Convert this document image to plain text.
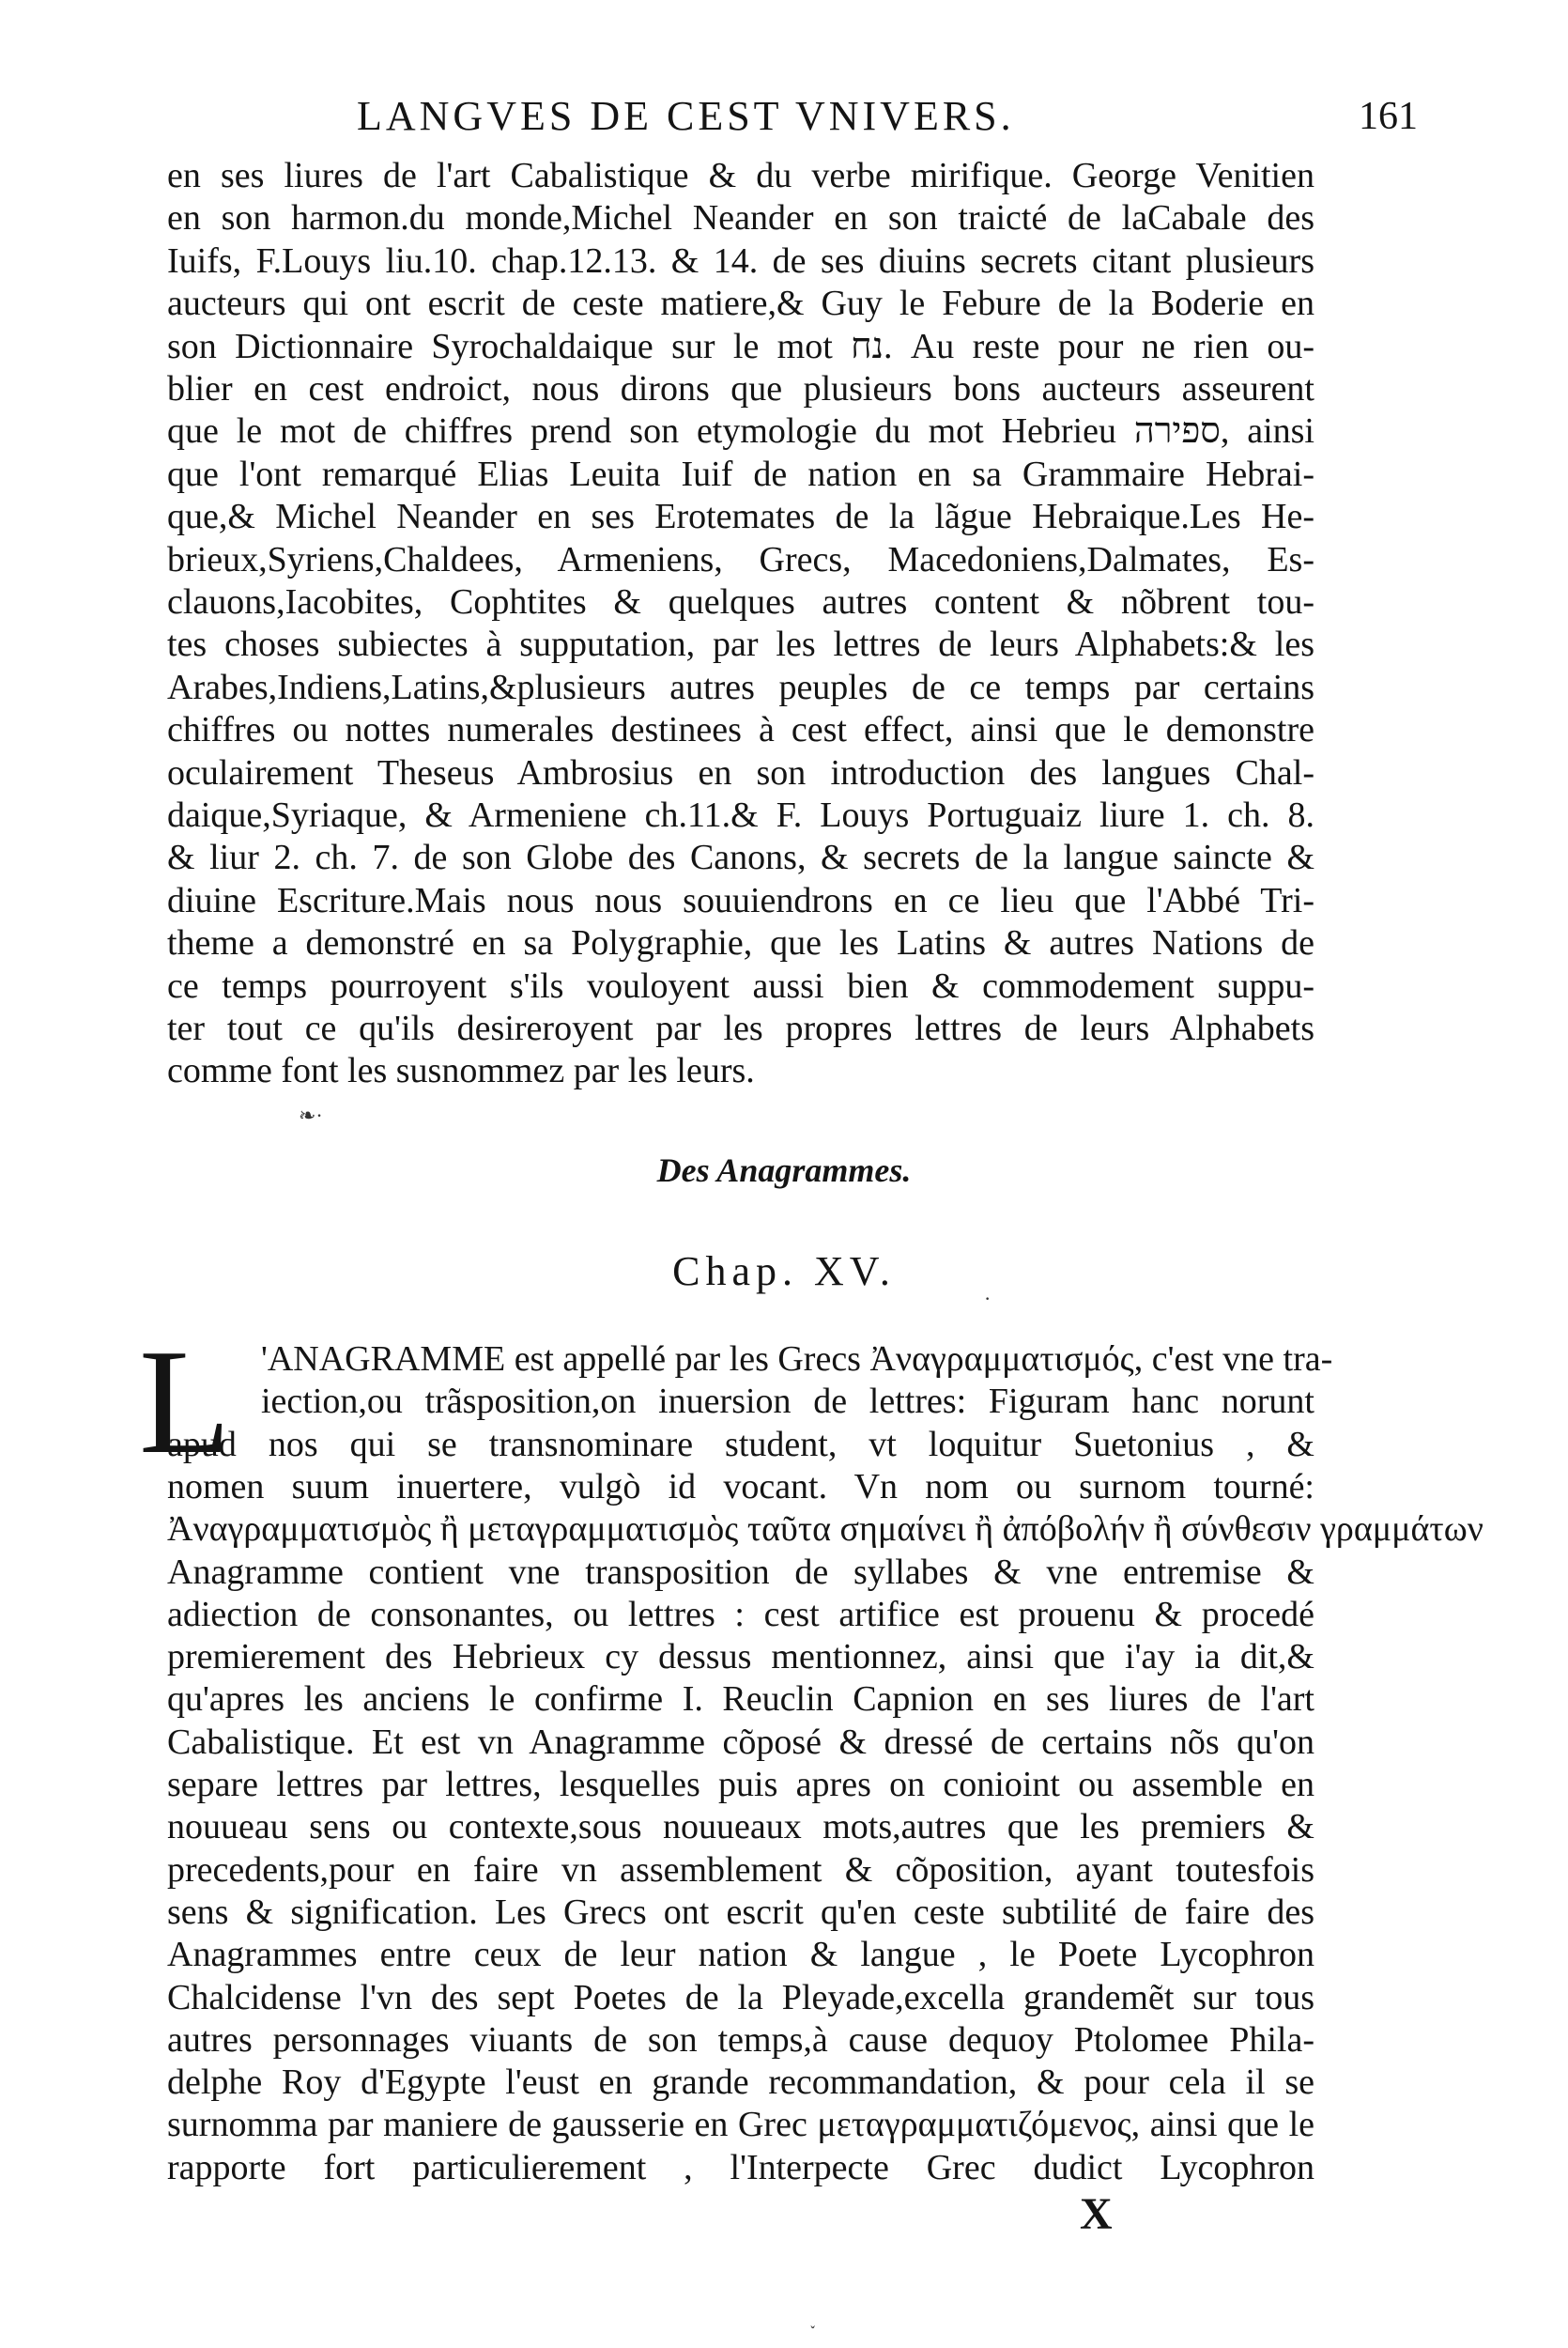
LANGVES DE CEST VNIVERS.	161
en ses liures de l'art Cabalistique & du verbe mirifique. George Venitien
en son harmon.du monde,Michel Neander en son traicté de laCabale des
Iuifs, F.Louys liu.10. chap.12.13. & 14. de ses diuins secrets citant plusieurs
aucteurs qui ont escrit de ceste matiere,& Guy le Febure de la Boderie en
son Dictionnaire Syrochaldaique sur le mot נח. Au reste pour ne rien ou-
blier en cest endroict, nous dirons que plusieurs bons aucteurs asseurent
que le mot de chiffres prend son etymologie du mot Hebrieu ספירה, ainsi
que l'ont remarqué Elias Leuita Iuif de nation en sa Grammaire Hebrai-
que,& Michel Neander en ses Erotemates de la lãgue Hebraique.Les He-
brieux,Syriens,Chaldees, Armeniens, Grecs, Macedoniens,Dalmates, Es-
clauons,Iacobites, Cophtites & quelques autres content & nõbrent tou-
tes choses subiectes à supputation, par les lettres de leurs Alphabets:& les
Arabes,Indiens,Latins,&plusieurs autres peuples de ce temps par certains
chiffres ou nottes numerales destinees à cest effect, ainsi que le demonstre
oculairement Theseus Ambrosius en son introduction des langues Chal-
daique,Syriaque, & Armeniene ch.11.& F. Louys Portuguaiz liure 1. ch. 8.
& liur 2. ch. 7. de son Globe des Canons, & secrets de la langue saincte &
diuine Escriture.Mais nous nous souuiendrons en ce lieu que l'Abbé Tri-
theme a demonstré en sa Polygraphie, que les Latins & autres Nations de
ce temps pourroyent s'ils vouloyent aussi bien & commodement suppu-
ter tout ce qu'ils desireroyent par les propres lettres de leurs Alphabets
comme font les susnommez par les leurs.
❧·
Des Anagrammes.
Chap. XV.
·
L 'ANAGRAMME est appellé par les Grecs Ἀναγραμματισμός, c'est vne tra-
iection,ou trãsposition,on inuersion de lettres: Figuram hanc norunt
apud nos qui se transnominare student, vt loquitur Suetonius , &
nomen suum inuertere, vulgò id vocant. Vn nom ou surnom tourné:
Ἀναγραμματισμὸς ἢ μεταγραμματισμὸς ταῦτα σημαίνει ἢ ἀπόβολήν ἢ σύνθεσιν γραμμάτων
Anagramme contient vne transposition de syllabes & vne entremise &
adiection de consonantes, ou lettres : cest artifice est prouenu & procedé
premierement des Hebrieux cy dessus mentionnez, ainsi que i'ay ia dit,&
qu'apres les anciens le confirme I. Reuclin Capnion en ses liures de l'art
Cabalistique. Et est vn Anagramme cõposé & dressé de certains nõs qu'on
separe lettres par lettres, lesquelles puis apres on conioint ou assemble en
nouueau sens ou contexte,sous nouueaux mots,autres que les premiers &
precedents,pour en faire vn assemblement & cõposition, ayant toutesfois
sens & signification. Les Grecs ont escrit qu'en ceste subtilité de faire des
Anagrammes entre ceux de leur nation & langue , le Poete Lycophron
Chalcidense l'vn des sept Poetes de la Pleyade,excella grandemẽt sur tous
autres personnages viuants de son temps,à cause dequoy Ptolomee Phila-
delphe Roy d'Egypte l'eust en grande recommandation, & pour cela il se
surnomma par maniere de gausserie en Grec μεταγραμματιζόμενος, ainsi que le
rapporte fort particulierement , l'Interpecte Grec dudict Lycophron
X
˯
